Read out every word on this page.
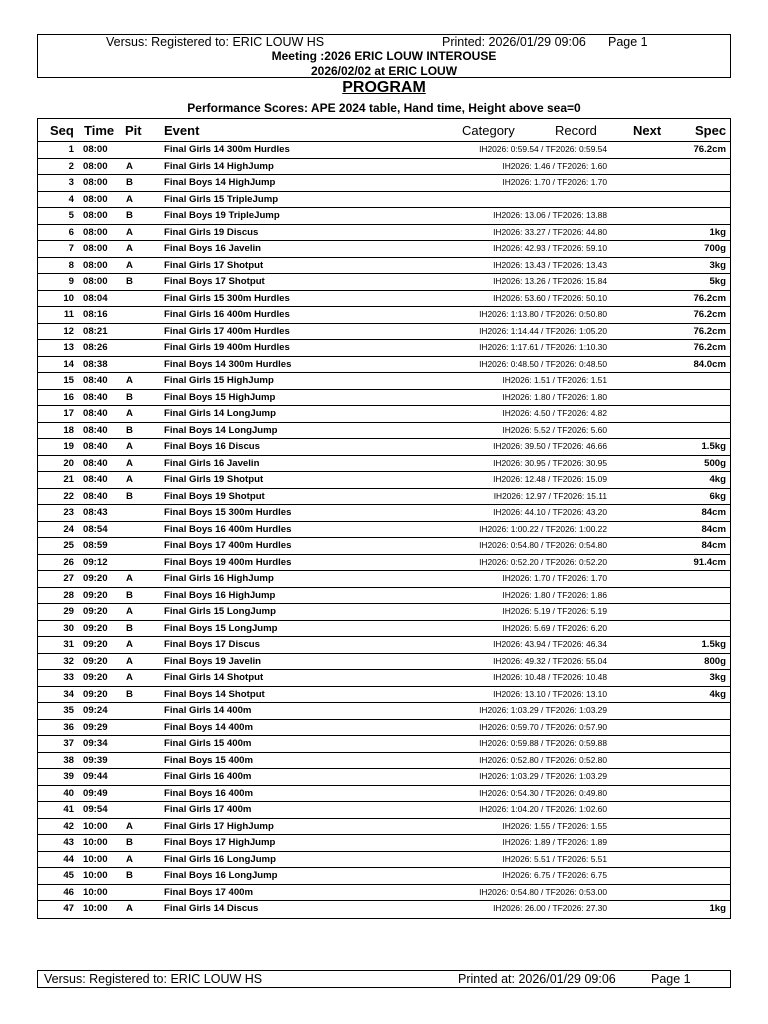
Versus: Registered to: ERIC LOUW HS	Printed: 2026/01/29 09:06 Page 1
Meeting :2026 ERIC LOUW INTEROUSE
2026/02/02 at ERIC LOUW
PROGRAM
Performance Scores: APE 2024 table, Hand time, Height above sea=0
Seq Time Pit Event	Category	Record	Next	Spec
1 08:00	Final Girls 14 300m Hurdles	IH2026: 0:59.54 / TF2026: 0:59.54	76.2cm
2 08:00 A	Final Girls 14 HighJump	IH2026: 1.46 / TF2026: 1.60
3 08:00 B	Final Boys 14 HighJump	IH2026: 1.70 / TF2026: 1.70
4 08:00 A	Final Girls 15 TripleJump
5 08:00 B	Final Boys 19 TripleJump	IH2026: 13.06 / TF2026: 13.88
6 08:00 A	Final Girls 19 Discus	IH2026: 33.27 / TF2026: 44.80	1kg
7 08:00 A	Final Boys 16 Javelin	IH2026: 42.93 / TF2026: 59.10	700g
8 08:00 A	Final Girls 17 Shotput	IH2026: 13.43 / TF2026: 13.43	3kg
9 08:00 B	Final Boys 17 Shotput	IH2026: 13.26 / TF2026: 15.84	5kg
10 08:04	Final Girls 15 300m Hurdles	IH2026: 53.60 / TF2026: 50.10	76.2cm
11 08:16	Final Girls 16 400m Hurdles	IH2026: 1:13.80 / TF2026: 0:50.80	76.2cm
12 08:21	Final Girls 17 400m Hurdles	IH2026: 1:14.44 / TF2026: 1:05.20	76.2cm
13 08:26	Final Girls 19 400m Hurdles	IH2026: 1:17.61 / TF2026: 1:10.30	76.2cm
14 08:38	Final Boys 14 300m Hurdles	IH2026: 0:48.50 / TF2026: 0:48.50	84.0cm
15 08:40 A	Final Girls 15 HighJump	IH2026: 1.51 / TF2026: 1.51
16 08:40 B	Final Boys 15 HighJump	IH2026: 1.80 / TF2026: 1.80
17 08:40 A	Final Girls 14 LongJump	IH2026: 4.50 / TF2026: 4.82
18 08:40 B	Final Boys 14 LongJump	IH2026: 5.52 / TF2026: 5.60
19 08:40 A	Final Boys 16 Discus	IH2026: 39.50 / TF2026: 46.66	1.5kg
20 08:40 A	Final Girls 16 Javelin	IH2026: 30.95 / TF2026: 30.95	500g
21 08:40 A	Final Girls 19 Shotput	IH2026: 12.48 / TF2026: 15.09	4kg
22 08:40 B	Final Boys 19 Shotput	IH2026: 12.97 / TF2026: 15.11	6kg
23 08:43	Final Boys 15 300m Hurdles	IH2026: 44.10 / TF2026: 43.20	84cm
24 08:54	Final Boys 16 400m Hurdles	IH2026: 1:00.22 / TF2026: 1:00.22	84cm
25 08:59	Final Boys 17 400m Hurdles	IH2026: 0:54.80 / TF2026: 0:54.80	84cm
26 09:12	Final Boys 19 400m Hurdles	IH2026: 0:52.20 / TF2026: 0:52.20	91.4cm
27 09:20 A	Final Girls 16 HighJump	IH2026: 1.70 / TF2026: 1.70
28 09:20 B	Final Boys 16 HighJump	IH2026: 1.80 / TF2026: 1.86
29 09:20 A	Final Girls 15 LongJump	IH2026: 5.19 / TF2026: 5.19
30 09:20 B	Final Boys 15 LongJump	IH2026: 5.69 / TF2026: 6.20
31 09:20 A	Final Boys 17 Discus	IH2026: 43.94 / TF2026: 46.34	1.5kg
32 09:20 A	Final Boys 19 Javelin	IH2026: 49.32 / TF2026: 55.04	800g
33 09:20 A	Final Girls 14 Shotput	IH2026: 10.48 / TF2026: 10.48	3kg
34 09:20 B	Final Boys 14 Shotput	IH2026: 13.10 / TF2026: 13.10	4kg
35 09:24	Final Girls 14 400m	IH2026: 1:03.29 / TF2026: 1:03.29
36 09:29	Final Boys 14 400m	IH2026: 0:59.70 / TF2026: 0:57.90
37 09:34	Final Girls 15 400m	IH2026: 0:59.88 / TF2026: 0:59.88
38 09:39	Final Boys 15 400m	IH2026: 0:52.80 / TF2026: 0:52.80
39 09:44	Final Girls 16 400m	IH2026: 1:03.29 / TF2026: 1:03.29
40 09:49	Final Boys 16 400m	IH2026: 0:54.30 / TF2026: 0:49.80
41 09:54	Final Girls 17 400m	IH2026: 1:04.20 / TF2026: 1:02.60
42 10:00 A	Final Girls 17 HighJump	IH2026: 1.55 / TF2026: 1.55
43 10:00 B	Final Boys 17 HighJump	IH2026: 1.89 / TF2026: 1.89
44 10:00 A	Final Girls 16 LongJump	IH2026: 5.51 / TF2026: 5.51
45 10:00 B	Final Boys 16 LongJump	IH2026: 6.75 / TF2026: 6.75
46 10:00	Final Boys 17 400m	IH2026: 0:54.80 / TF2026: 0:53.00
47 10:00 A	Final Girls 14 Discus	IH2026: 26.00 / TF2026: 27.30	1kg
Versus: Registered to: ERIC LOUW HS	Printed at: 2026/01/29 09:06	Page 1
